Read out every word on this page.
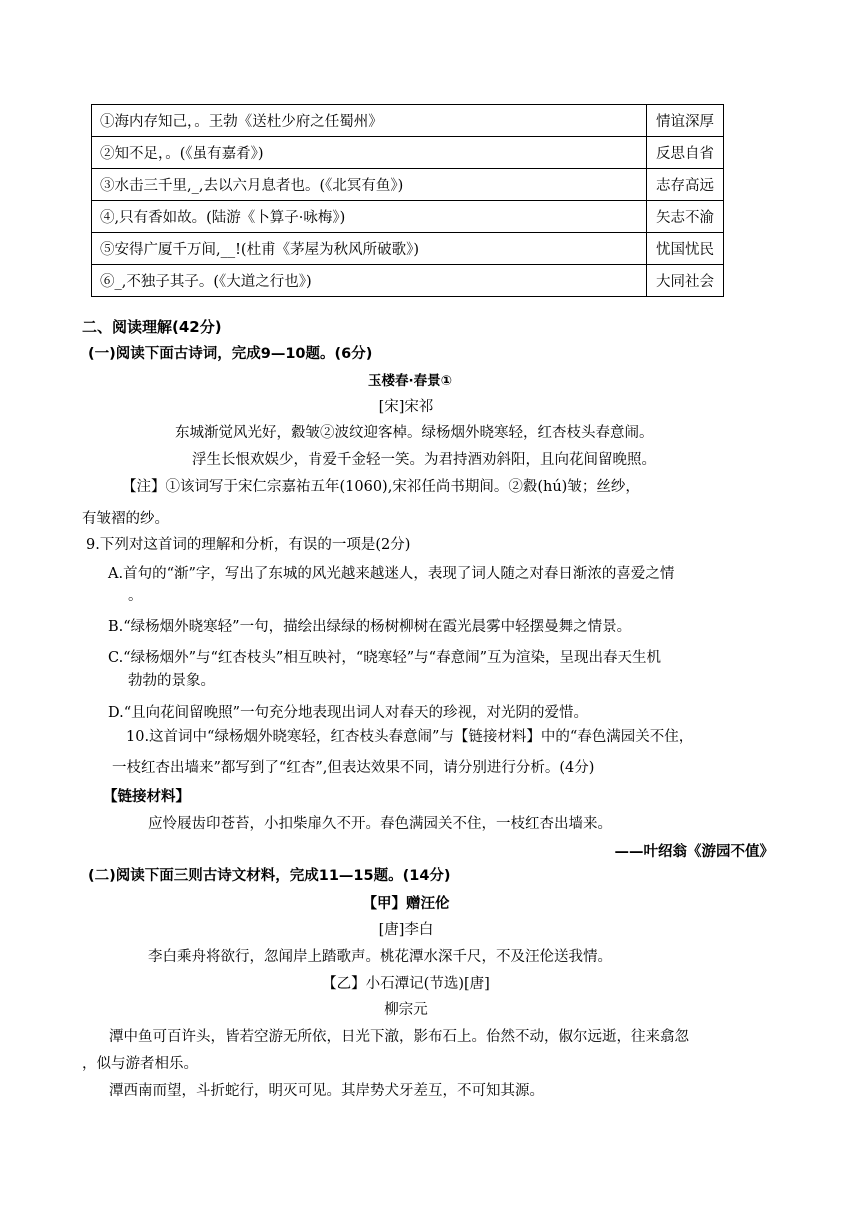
①海内存知己，。王勃《送杜少府之任蜀州》	情谊深厚
②知不足，。(《虽有嘉肴》)	反思自省
③水击三千里,_,去以六月息者也。(《北冥有鱼》)	志存高远
④,只有香如故。(陆游《卜算子·咏梅》)	矢志不渝
⑤安得广厦千万间,__!(杜甫《茅屋为秋风所破歌》)	忧国忧民
⑥_,不独子其子。(《大道之行也》)	大同社会
二、阅读理解(42分)
(一)阅读下面古诗词，完成9—10题。(6分)
玉楼春·春景①
[宋]宋祁
东城渐觉风光好，縠皱②波纹迎客棹。绿杨烟外晓寒轻，红杏枝头春意闹。
浮生长恨欢娱少，肯爱千金轻一笑。为君持酒劝斜阳，且向花间留晚照。
【注】①该词写于宋仁宗嘉祐五年(1060),宋祁任尚书期间。②縠(hú)皱；丝纱，
有皱褶的纱。
9.下列对这首词的理解和分析，有误的一项是(2分)
A.首句的“渐”字，写出了东城的风光越来越迷人，表现了词人随之对春日渐浓的喜爱之情
。
B.“绿杨烟外晓寒轻”一句，描绘出绿绿的杨树柳树在霞光晨雾中轻摆曼舞之情景。
C.“绿杨烟外”与“红杏枝头”相互映衬，“晓寒轻”与“春意闹”互为渲染，呈现出春天生机
勃勃的景象。
D.“且向花间留晚照”一句充分地表现出词人对春天的珍视，对光阴的爱惜。
10.这首词中“绿杨烟外晓寒轻，红杏枝头春意闹”与【链接材料】中的“春色满园关不住，
一枝红杏出墙来”都写到了“红杏”,但表达效果不同，请分别进行分析。(4分)
【链接材料】
应怜屐齿印苍苔，小扣柴扉久不开。春色满园关不住，一枝红杏出墙来。
——叶绍翁《游园不值》
(二)阅读下面三则古诗文材料，完成11—15题。(14分)
【甲】赠汪伦
[唐]李白
李白乘舟将欲行，忽闻岸上踏歌声。桃花潭水深千尺，不及汪伦送我情。
【乙】小石潭记(节选)[唐]
柳宗元
潭中鱼可百许头，皆若空游无所依，日光下澈，影布石上。佁然不动，俶尔远逝，往来翕忽
，似与游者相乐。
潭西南而望，斗折蛇行，明灭可见。其岸势犬牙差互，不可知其源。
